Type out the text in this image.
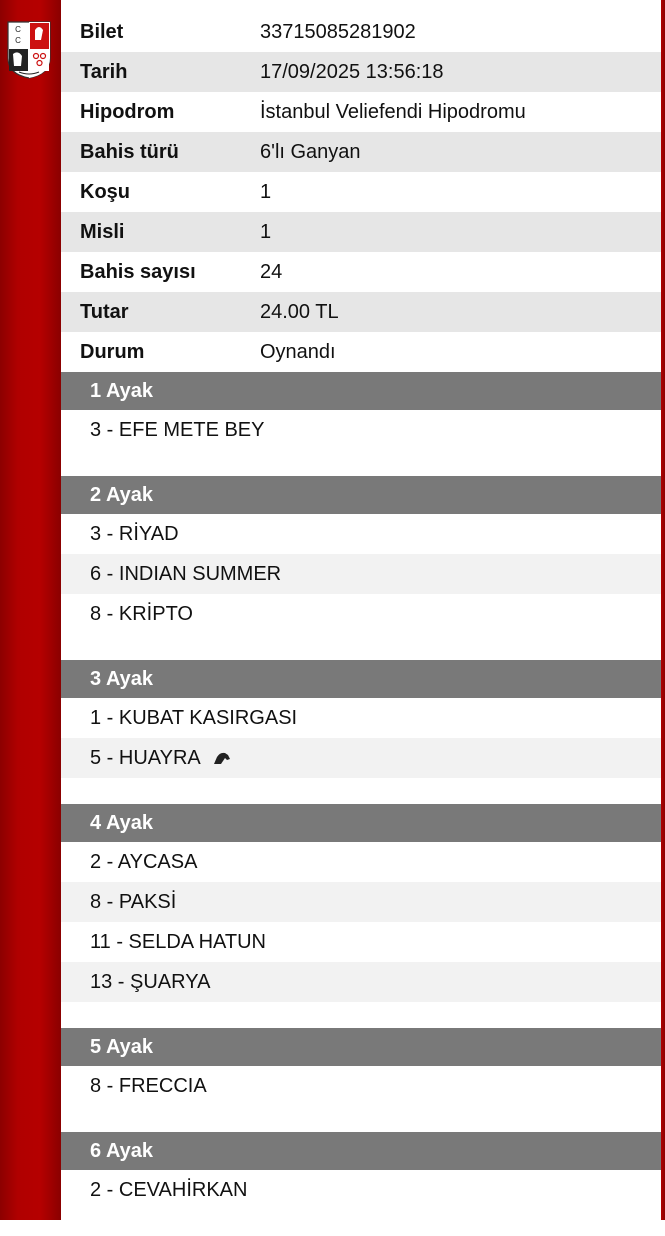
C
C	Bilet	33715085281902
Tarih	17/09/2025 13:56:18
Hipodrom	İstanbul Veliefendi Hipodromu
Bahis türü	6'lı Ganyan
Koşu	1
Misli	1
Bahis sayısı	24
Tutar	24.00 TL
Durum	Oynandı
1 Ayak
3 - EFE METE BEY
2 Ayak
3 - RİYAD
6 - INDIAN SUMMER
8 - KRİPTO
3 Ayak
1 - KUBAT KASIRGASI
5 - HUAYRA
4 Ayak
2 - AYCASA
8 - PAKSİ
11 - SELDA HATUN
13 - ŞUARYA
5 Ayak
8 - FRECCIA
6 Ayak
2 - CEVAHİRKAN
